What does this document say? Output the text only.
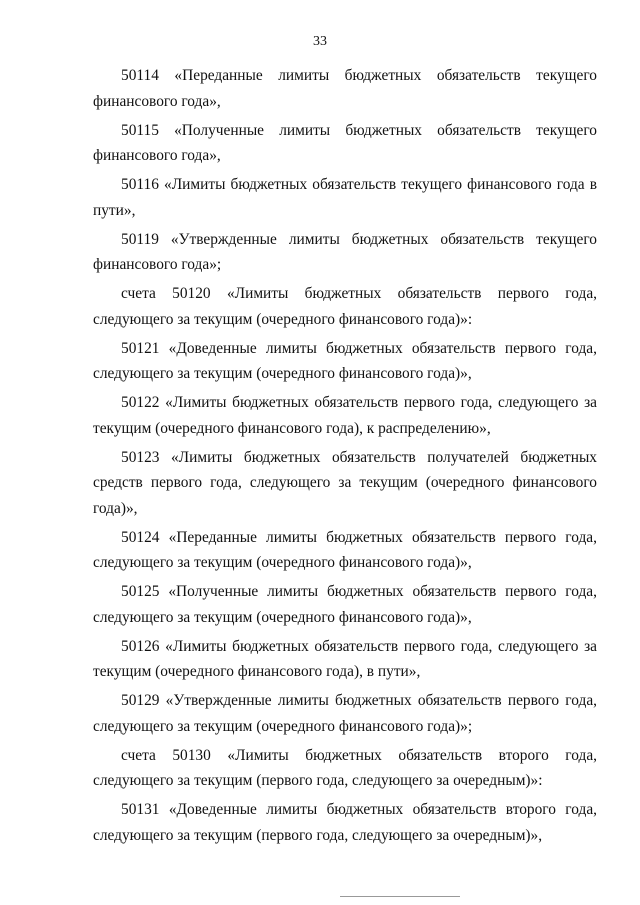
33

50114 «Переданные лимиты бюджетных обязательств текущего финансового года»,

50115 «Полученные лимиты бюджетных обязательств текущего финансового года»,

50116 «Лимиты бюджетных обязательств текущего финансового года в пути»,

50119 «Утвержденные лимиты бюджетных обязательств текущего финансового года»;

счета 50120 «Лимиты бюджетных обязательств первого года, следующего за текущим (очередного финансового года)»:

50121 «Доведенные лимиты бюджетных обязательств первого года, следующего за текущим (очередного финансового года)»,

50122 «Лимиты бюджетных обязательств первого года, следующего за текущим (очередного финансового года), к распределению»,

50123 «Лимиты бюджетных обязательств получателей бюджетных средств первого года, следующего за текущим (очередного финансового года)»,

50124 «Переданные лимиты бюджетных обязательств первого года, следующего за текущим (очередного финансового года)»,

50125 «Полученные лимиты бюджетных обязательств первого года, следующего за текущим (очередного финансового года)»,

50126 «Лимиты бюджетных обязательств первого года, следующего за текущим (очередного финансового года), в пути»,

50129 «Утвержденные лимиты бюджетных обязательств первого года, следующего за текущим (очередного финансового года)»;

счета 50130 «Лимиты бюджетных обязательств второго года, следующего за текущим (первого года, следующего за очередным)»:

50131 «Доведенные лимиты бюджетных обязательств второго года, следующего за текущим (первого года, следующего за очередным)»,
